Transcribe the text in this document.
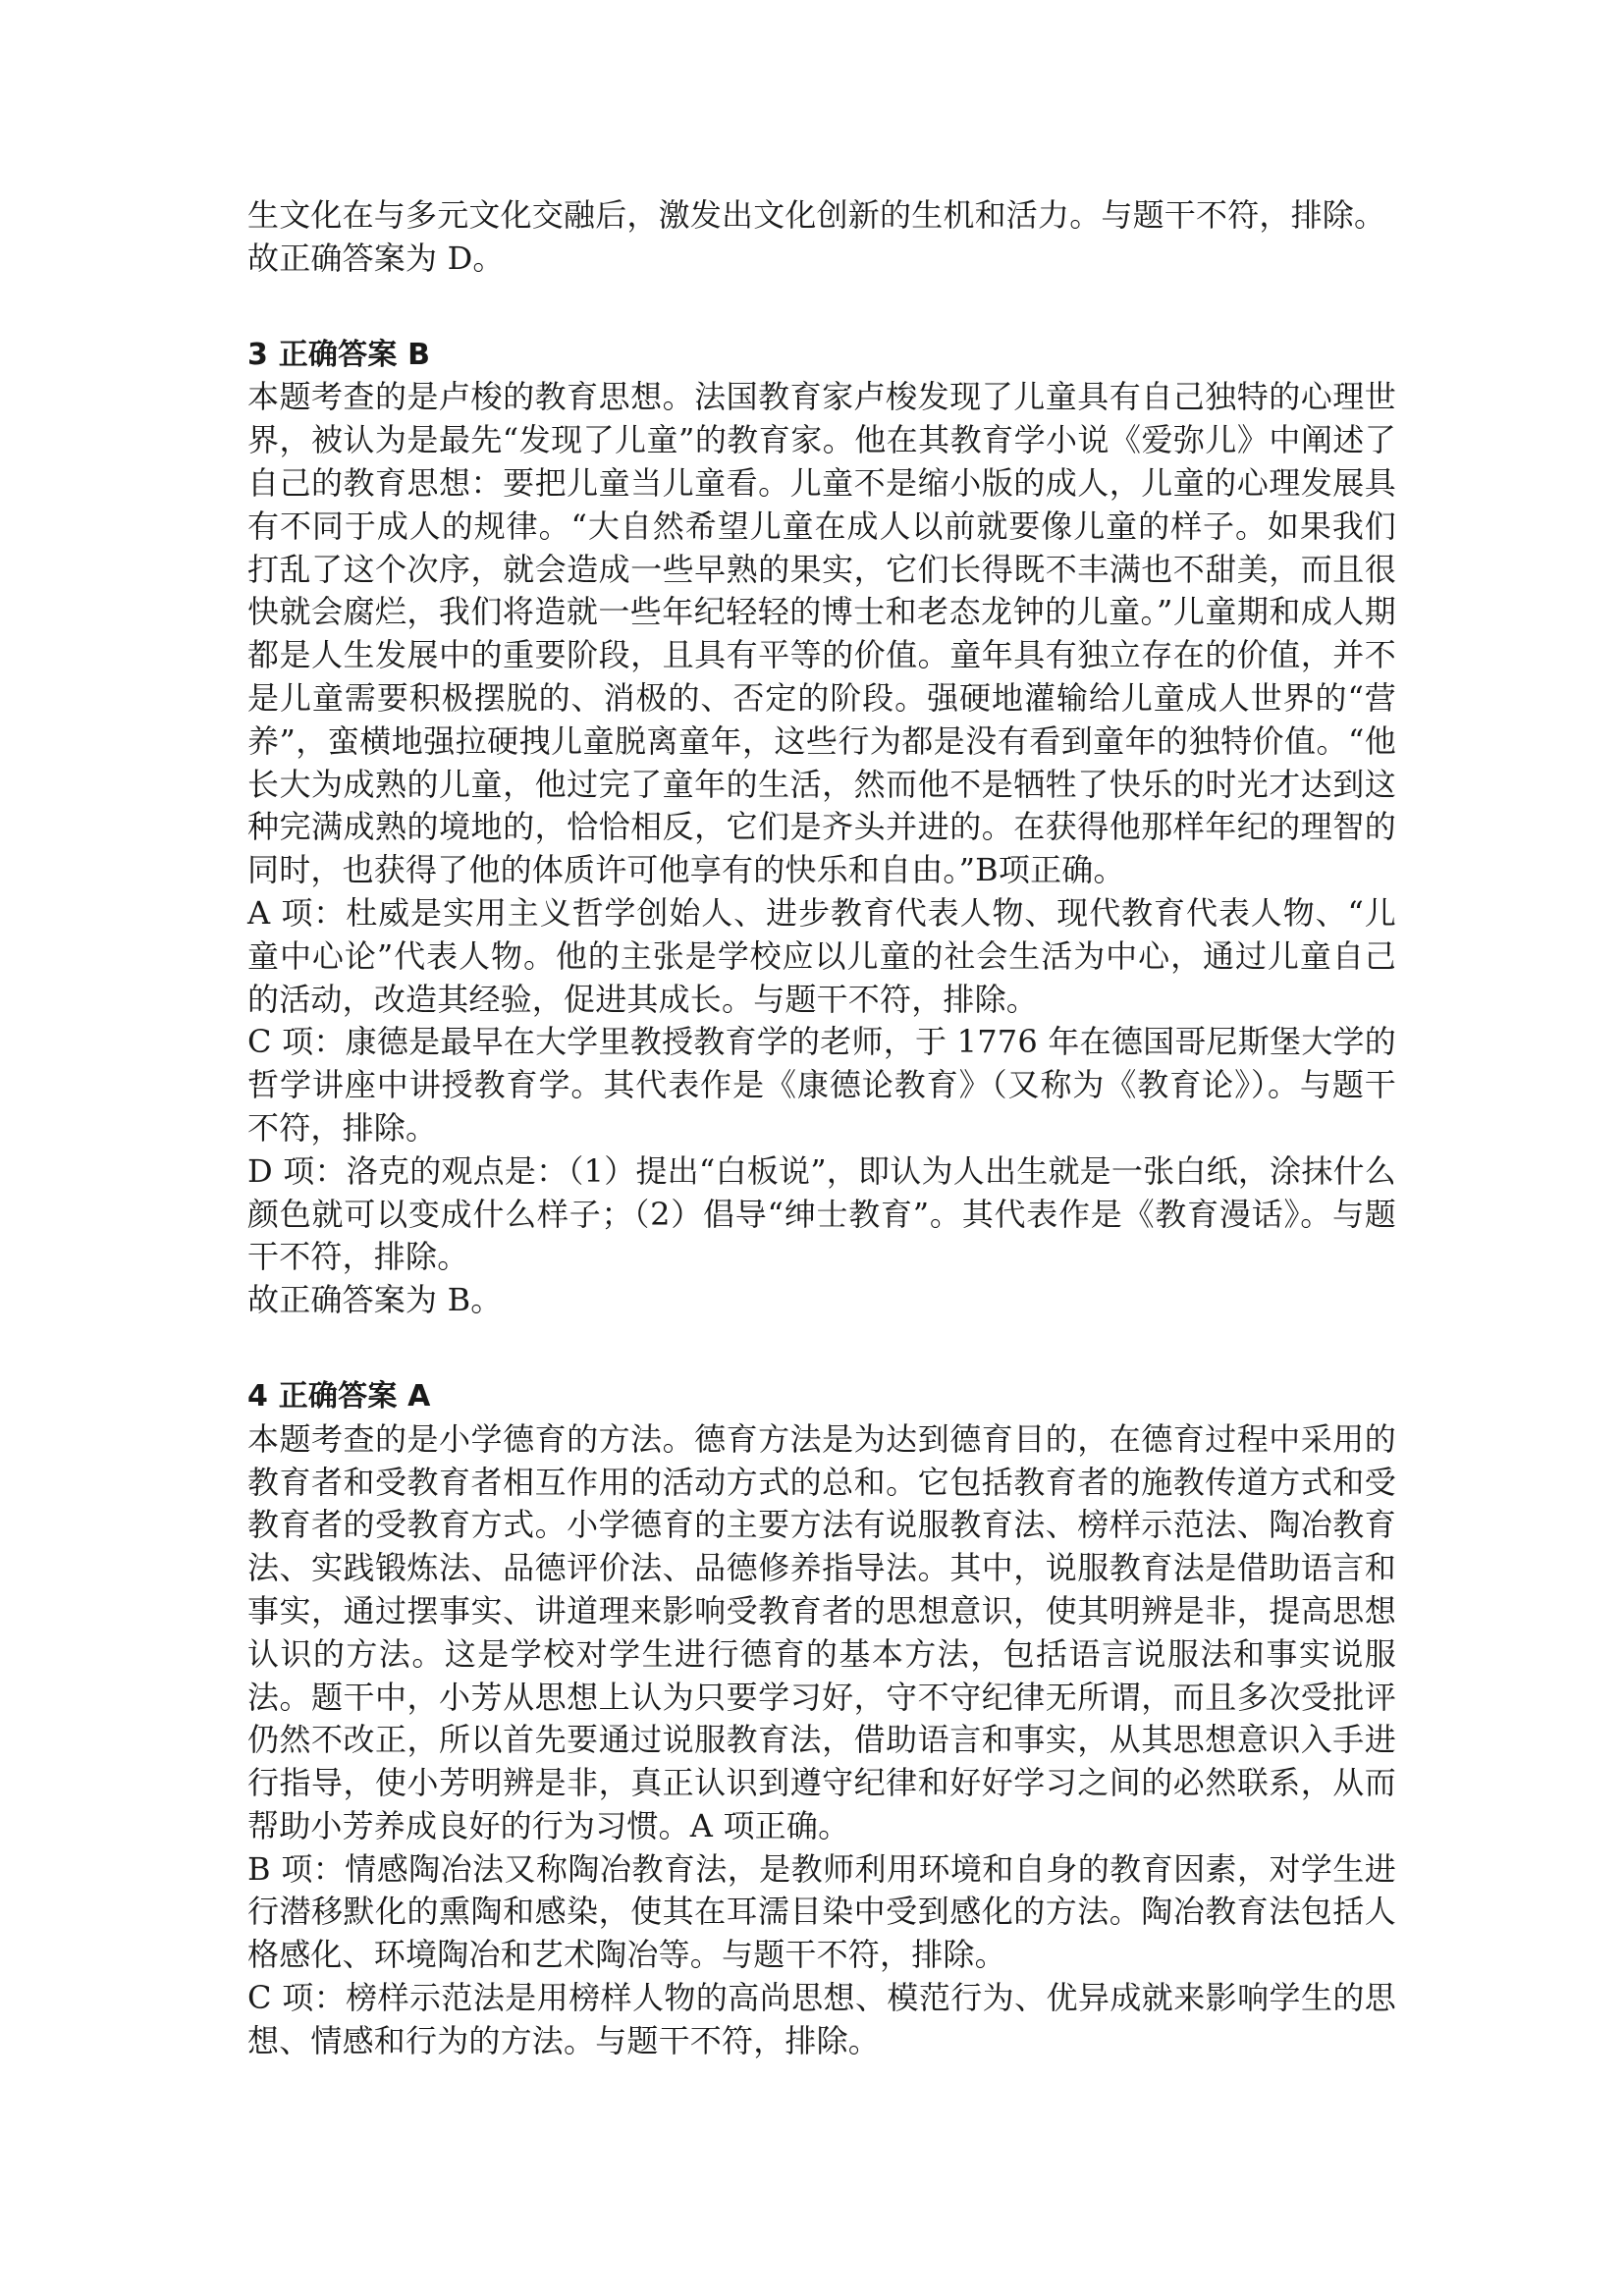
生文化在与多元文化交融后，激发出文化创新的生机和活力。与题干不符，排除。

故正确答案为 D。

3 正确答案 B

本题考查的是卢梭的教育思想。法国教育家卢梭发现了儿童具有自己独特的心理世界，被认为是最先“发现了儿童”的教育家。他在其教育学小说《爱弥儿》中阐述了自己的教育思想：要把儿童当儿童看。儿童不是缩小版的成人，儿童的心理发展具有不同于成人的规律。“大自然希望儿童在成人以前就要像儿童的样子。如果我们打乱了这个次序，就会造成一些早熟的果实，它们长得既不丰满也不甜美，而且很快就会腐烂，我们将造就一些年纪轻轻的博士和老态龙钟的儿童。”儿童期和成人期都是人生发展中的重要阶段，且具有平等的价值。童年具有独立存在的价值，并不是儿童需要积极摆脱的、消极的、否定的阶段。强硬地灌输给儿童成人世界的“营养”，蛮横地强拉硬拽儿童脱离童年，这些行为都是没有看到童年的独特价值。“他长大为成熟的儿童，他过完了童年的生活，然而他不是牺牲了快乐的时光才达到这种完满成熟的境地的，恰恰相反，它们是齐头并进的。在获得他那样年纪的理智的同时，也获得了他的体质许可他享有的快乐和自由。”B项正确。

A 项：杜威是实用主义哲学创始人、进步教育代表人物、现代教育代表人物、“儿童中心论”代表人物。他的主张是学校应以儿童的社会生活为中心，通过儿童自己的活动，改造其经验，促进其成长。与题干不符，排除。

C 项：康德是最早在大学里教授教育学的老师，于 1776 年在德国哥尼斯堡大学的哲学讲座中讲授教育学。其代表作是《康德论教育》（又称为《教育论》）。与题干不符，排除。

D 项：洛克的观点是：（1）提出“白板说”，即认为人出生就是一张白纸，涂抹什么颜色就可以变成什么样子；（2）倡导“绅士教育”。其代表作是《教育漫话》。与题干不符，排除。

故正确答案为 B。

4 正确答案 A

本题考查的是小学德育的方法。德育方法是为达到德育目的，在德育过程中采用的教育者和受教育者相互作用的活动方式的总和。它包括教育者的施教传道方式和受教育者的受教育方式。小学德育的主要方法有说服教育法、榜样示范法、陶冶教育法、实践锻炼法、品德评价法、品德修养指导法。其中，说服教育法是借助语言和事实，通过摆事实、讲道理来影响受教育者的思想意识，使其明辨是非，提高思想认识的方法。这是学校对学生进行德育的基本方法，包括语言说服法和事实说服法。题干中，小芳从思想上认为只要学习好，守不守纪律无所谓，而且多次受批评仍然不改正，所以首先要通过说服教育法，借助语言和事实，从其思想意识入手进行指导，使小芳明辨是非，真正认识到遵守纪律和好好学习之间的必然联系，从而帮助小芳养成良好的行为习惯。A 项正确。

B 项：情感陶冶法又称陶冶教育法，是教师利用环境和自身的教育因素，对学生进行潜移默化的熏陶和感染，使其在耳濡目染中受到感化的方法。陶冶教育法包括人格感化、环境陶冶和艺术陶冶等。与题干不符，排除。

C 项：榜样示范法是用榜样人物的高尚思想、模范行为、优异成就来影响学生的思想、情感和行为的方法。与题干不符，排除。
